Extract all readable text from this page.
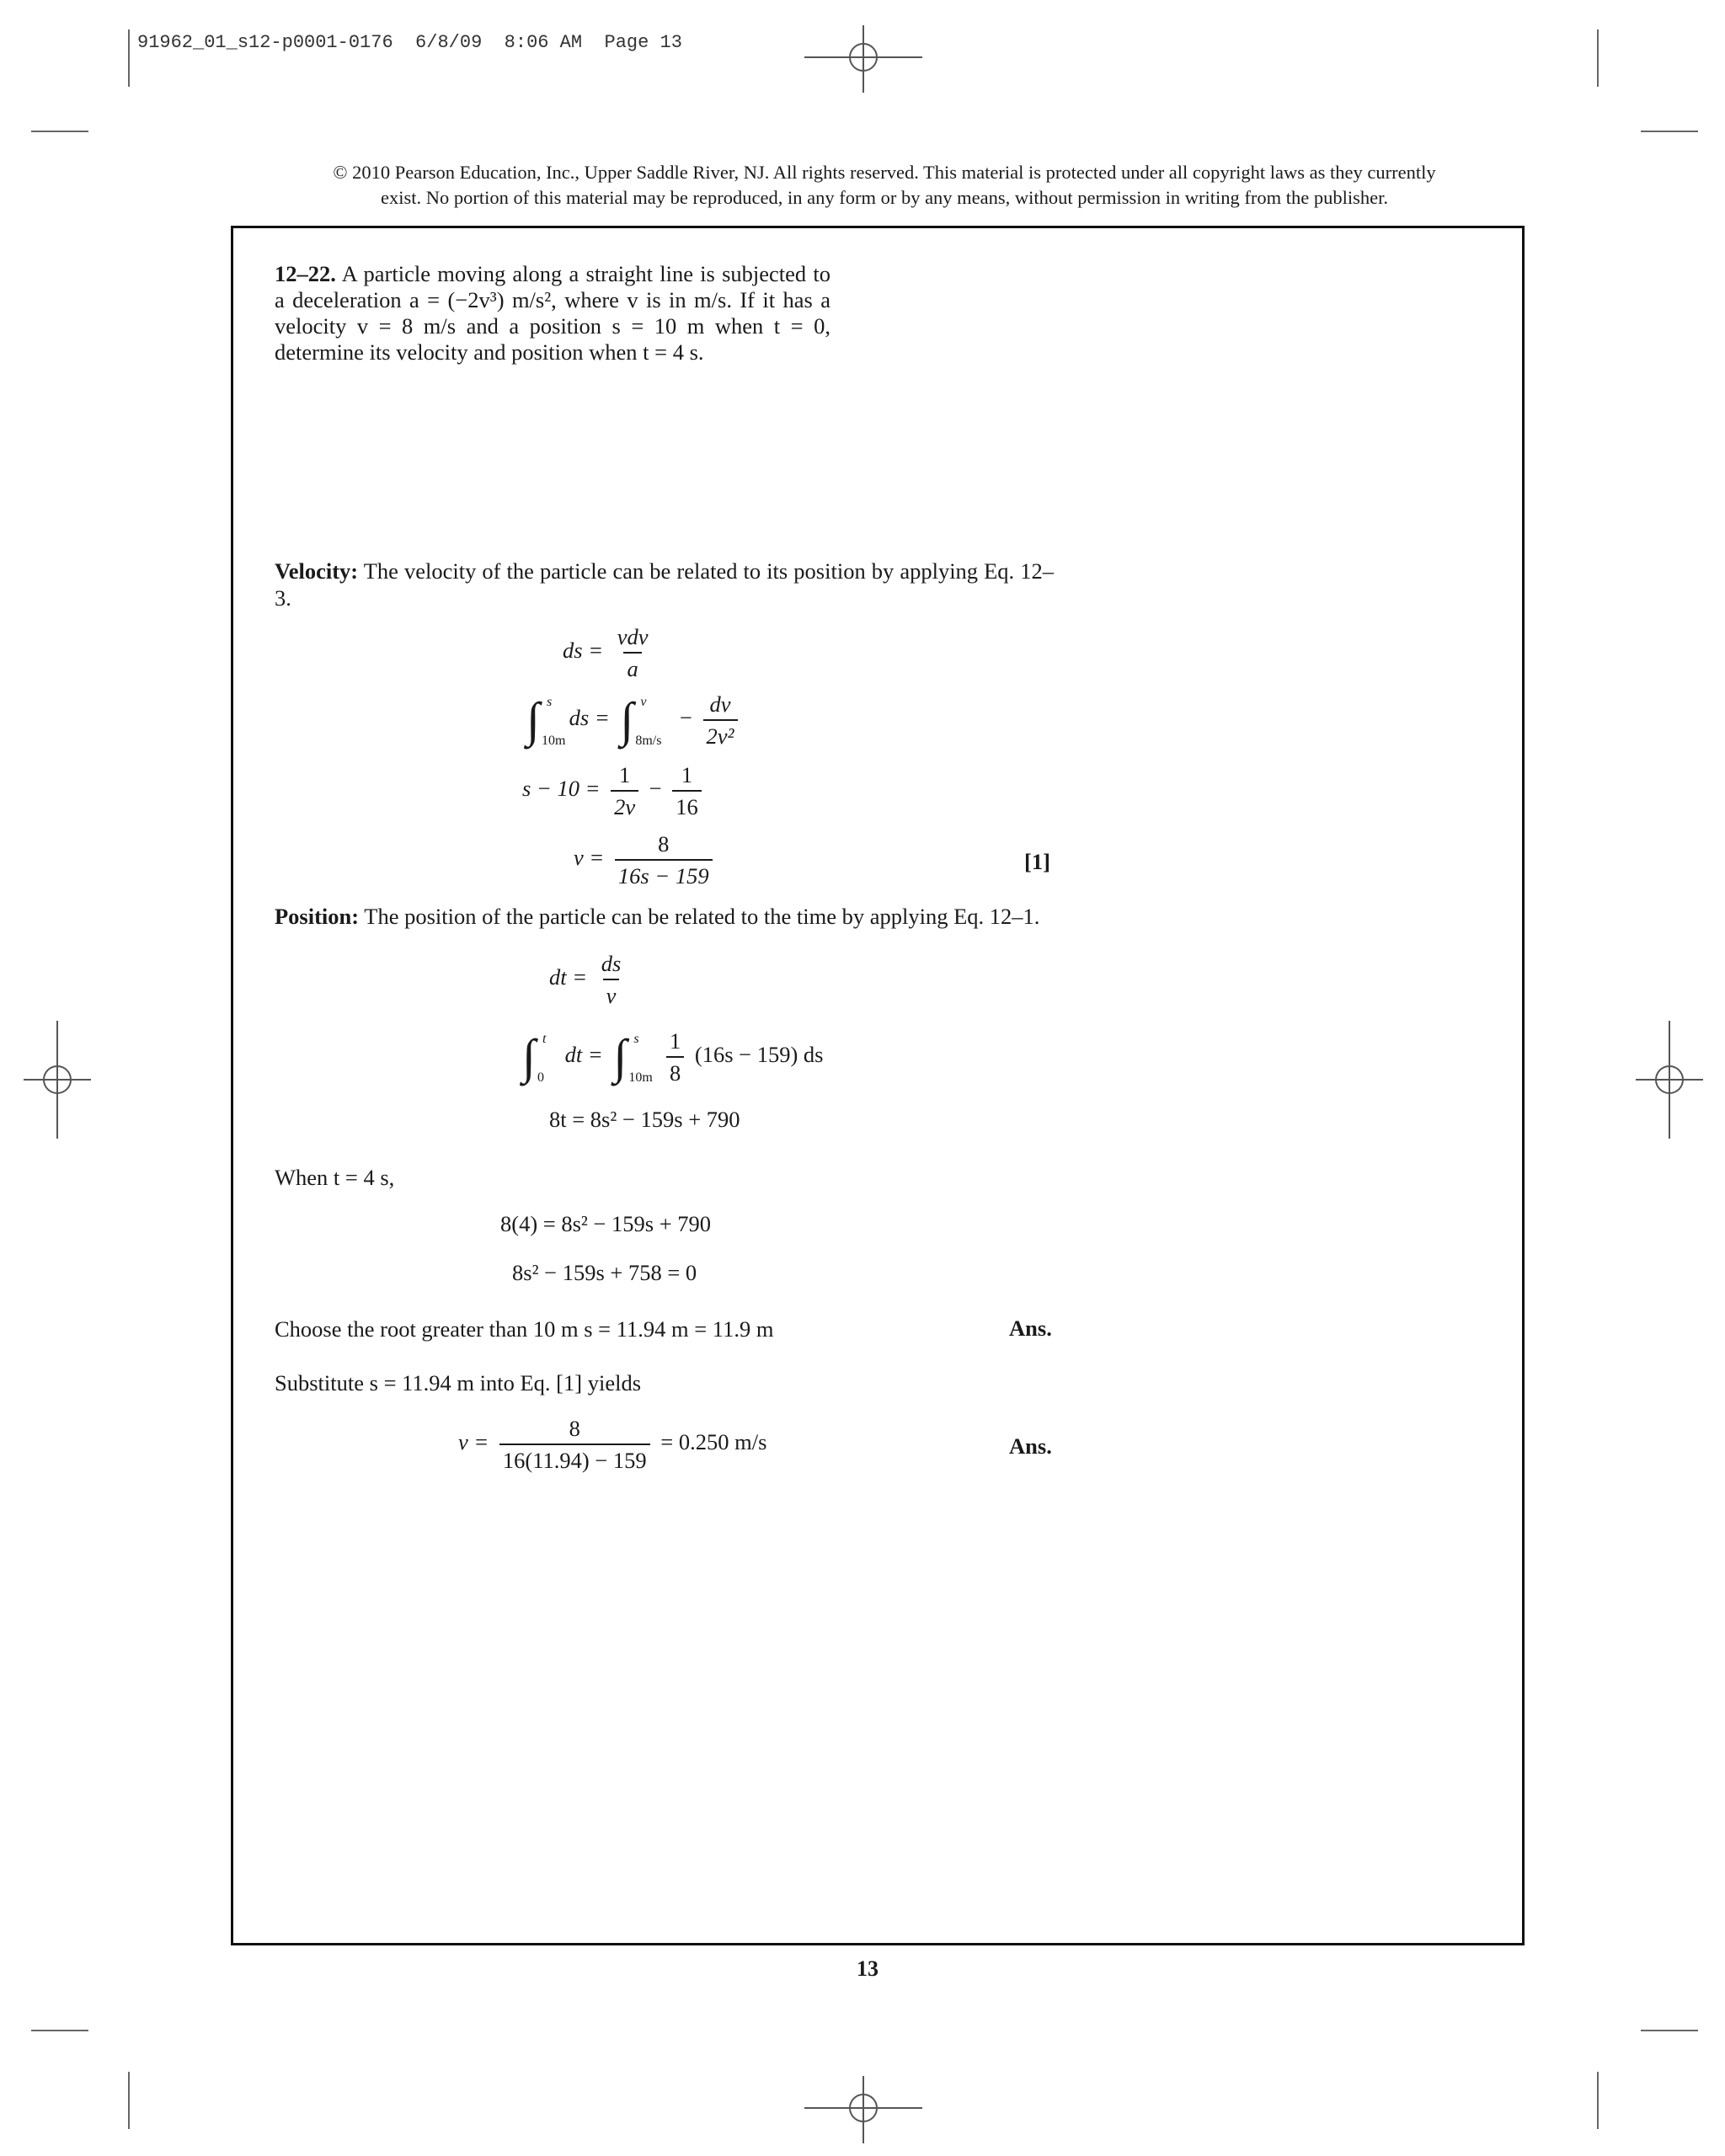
91962_01_s12-p0001-0176  6/8/09  8:06 AM  Page 13
© 2010 Pearson Education, Inc., Upper Saddle River, NJ. All rights reserved. This material is protected under all copyright laws as they currently
exist. No portion of this material may be reproduced, in any form or by any means, without permission in writing from the publisher.
12–22. A particle moving along a straight line is subjected to a deceleration a = (−2v³) m/s², where v is in m/s. If it has a velocity v = 8 m/s and a position s = 10 m when t = 0, determine its velocity and position when t = 4 s.
Velocity: The velocity of the particle can be related to its position by applying Eq. 12–3.
ds = $\frac{\text{vdv}}{a}$
∫ s
10m
ds = ∫ v
8m/s
− $\frac{dv}{\text{2v²}}$
$s - 10 = \frac{1}{2v} - \frac{1}{16}$
$v = \frac{8}{16s - 159}$	[1]
Position: The position of the particle can be related to the time by applying Eq. 12–1.
dt = $\frac{ds}{v}$
∫ t
0
dt = ∫ s
10m
$\frac{1}{8} (16s - 159)$ ds
8t = 8s² − 159s + 790
When t = 4 s,
8(4) = 8s² − 159s + 790
8s² − 159s + 758 = 0
Choose the root greater than 10 m s = 11.94 m = 11.9 m	Ans.
Substitute s = 11.94 m into Eq. [1] yields
$v = \frac{8}{16(11.94) - 159} = 0.250$ m/s	Ans.
13
